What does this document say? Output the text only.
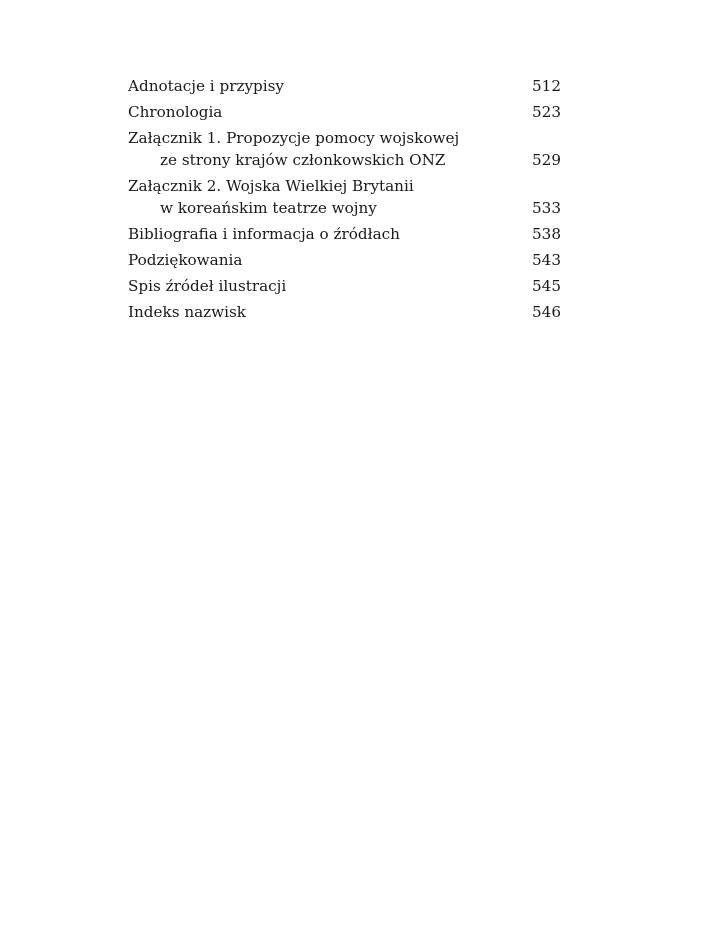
Adnotacje i przypisy	512
Chronologia	523
Załącznik 1. Propozycje pomocy wojskowej
ze strony krajów członkowskich ONZ	529
Załącznik 2. Wojska Wielkiej Brytanii
w koreańskim teatrze wojny	533
Bibliografia i informacja o źródłach	538
Podziękowania	543
Spis źródeł ilustracji	545
Indeks nazwisk	546
